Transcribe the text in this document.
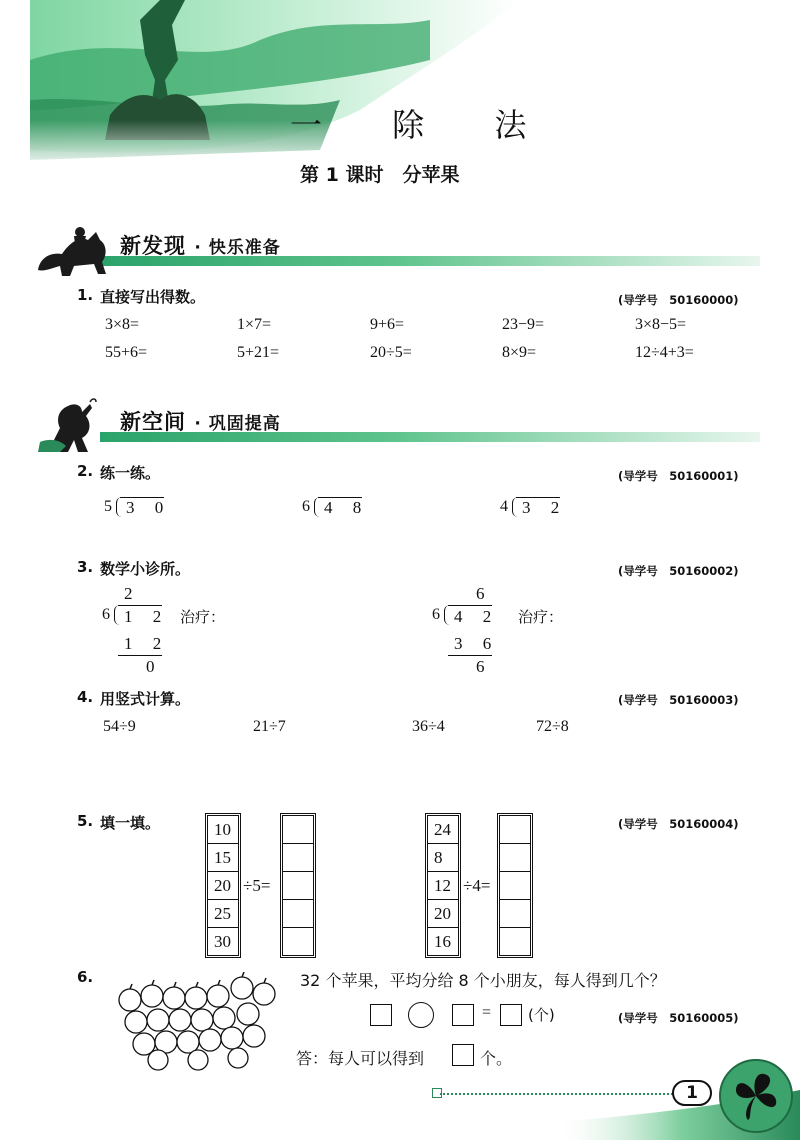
一 除 法
第 1 课时　分苹果
新发现 · 快乐准备
1. 直接写出得数。	(导学号　50160000)
3×8=	1×7=	9+6=	23−9=	3×8−5=
55+6=	5+21=	20÷5=	8×9=	12÷4+3=
新空间 · 巩固提高
2. 练一练。	(导学号　50160001)
5 3 0	6 4 8	4 3 2
3. 数学小诊所。	(导学号　50160002)
2
6 1 2
1 2
0
治疗：
6
6 4 2
3 6
6
治疗：
4. 用竖式计算。	(导学号　50160003)
54÷9	21÷7	36÷4	72÷8
5. 填一填。	(导学号　50160004)
10
15
20
25
30
÷5=
24
8
12
20
16
÷4=
6.	32 个苹果，平均分给 8 个小朋友，每人得到几个？
= (个)	(导学号　50160005)
答：每人可以得到	个。
1
